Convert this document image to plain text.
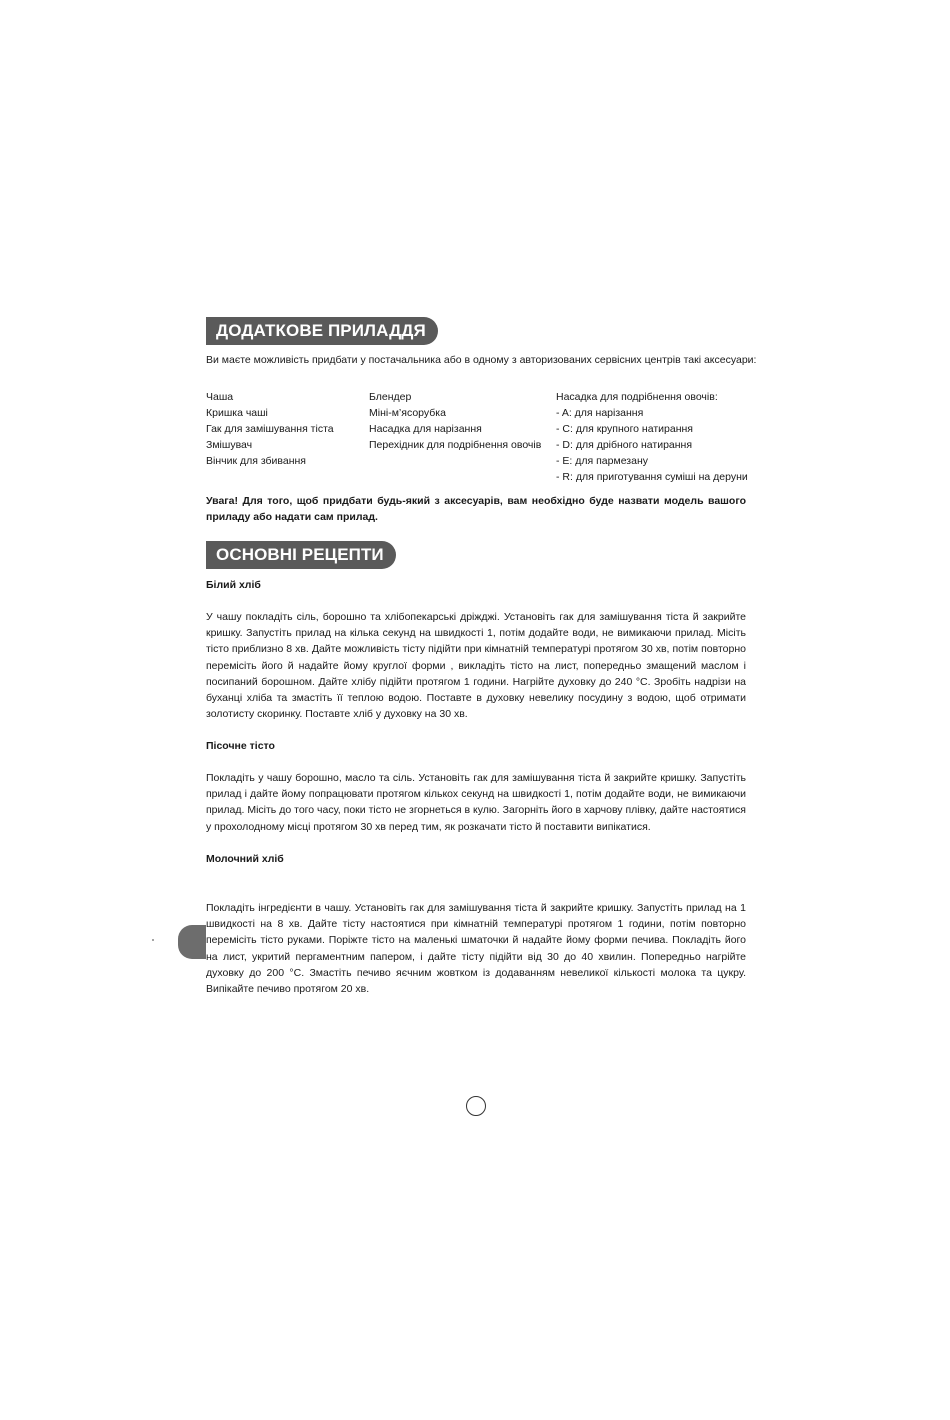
ДОДАТКОВЕ ПРИЛАДДЯ
Ви маєте можливість придбати у постачальника або в одному з авторизованих сервісних центрів такі аксесуари:
Чаша
Кришка чаші
Гак для замішування тіста
Змішувач
Вінчик для збивання
Блендер
Міні-м’ясорубка
Насадка для нарізання
Перехідник для подрібнення овочів
Насадка для подрібнення овочів:
- A: для нарізання
- C: для крупного натирання
- D: для дрібного натирання
- E: для пармезану
- R: для приготування суміші на деруни
Увага! Для того, щоб придбати будь-який з аксесуарів, вам необхідно буде назвати модель вашого приладу або надати сам прилад.
ОСНОВНІ РЕЦЕПТИ
Білий хліб
У чашу покладіть сіль, борошно та хлібопекарські дріжджі. Установіть гак для замішування тіста й закрийте кришку. Запустіть прилад на кілька секунд на швидкості 1, потім додайте води, не вимикаючи прилад. Місіть тісто приблизно 8 хв. Дайте можливість тісту підійти при кімнатній температурі протягом 30 хв, потім повторно перемісіть його й надайте йому круглої форми , викладіть тісто на лист, попередньо змащений маслом і посипаний борошном. Дайте хлібу підійти протягом 1 години. Нагрійте духовку до 240 °C. Зробіть надрізи на буханці хліба та змастіть її теплою водою. Поставте в духовку невелику посудину з водою, щоб отримати золотисту скоринку. Поставте хліб у духовку на 30 хв.
Пісочне тісто
Покладіть у чашу борошно, масло та сіль. Установіть гак для замішування тіста й закрийте кришку. Запустіть прилад і дайте йому попрацювати протягом кількох секунд на швидкості 1, потім додайте води, не вимикаючи прилад. Місіть до того часу, поки тісто не згорнеться в кулю. Загорніть його в харчову плівку, дайте настоятися у прохолодному місці протягом 30 хв перед тим, як розкачати тісто й поставити випікатися.
Молочний хліб
Покладіть інгредієнти в чашу. Установіть гак для замішування тіста й закрийте кришку. Запустіть прилад на 1 швидкості на 8 хв. Дайте тісту настоятися при кімнатній температурі протягом 1 години, потім повторно перемісіть тісто руками. Поріжте тісто на маленькі шматочки й надайте йому форми печива. Покладіть його на лист, укритий пергаментним папером, і дайте тісту підійти від 30 до 40 хвилин. Попередньо нагрійте духовку до 200 °C. Змастіть печиво яєчним жовтком із додаванням невеликої кількості молока та цукру. Випікайте печиво протягом 20 хв.
